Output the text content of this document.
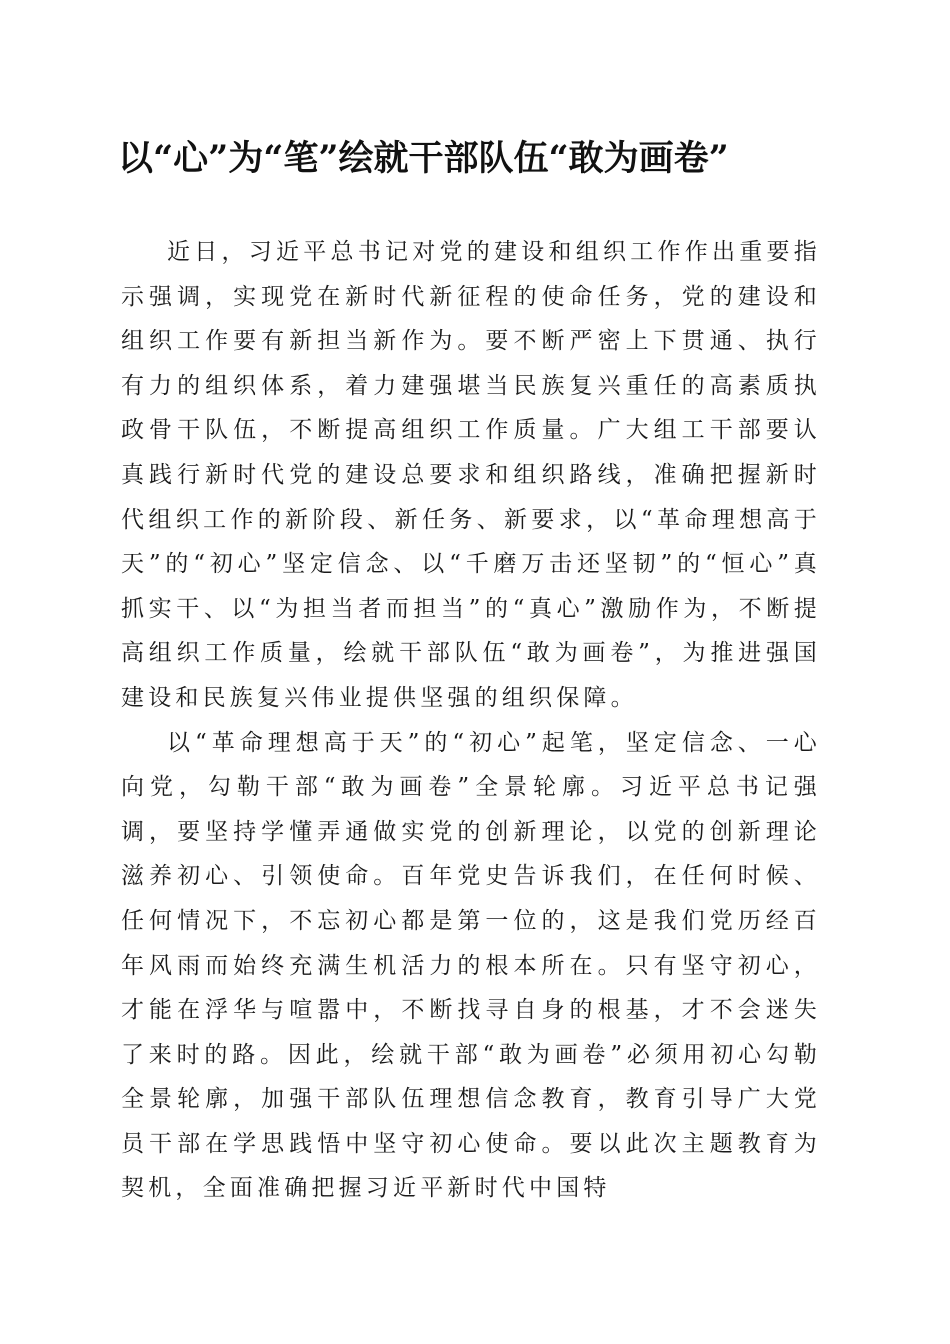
以“心”为“笔”绘就干部队伍“敢为画卷”

近日，习近平总书记对党的建设和组织工作作出重要指示强调，实现党在新时代新征程的使命任务，党的建设和组织工作要有新担当新作为。要不断严密上下贯通、执行有力的组织体系，着力建强堪当民族复兴重任的高素质执政骨干队伍，不断提高组织工作质量。广大组工干部要认真践行新时代党的建设总要求和组织路线，准确把握新时代组织工作的新阶段、新任务、新要求，以“革命理想高于天”的“初心”坚定信念、以“千磨万击还坚韧”的“恒心”真抓实干、以“为担当者而担当”的“真心”激励作为，不断提高组织工作质量，绘就干部队伍“敢为画卷”，为推进强国建设和民族复兴伟业提供坚强的组织保障。

以“革命理想高于天”的“初心”起笔，坚定信念、一心向党，勾勒干部“敢为画卷”全景轮廓。习近平总书记强调，要坚持学懂弄通做实党的创新理论，以党的创新理论滋养初心、引领使命。百年党史告诉我们，在任何时候、任何情况下，不忘初心都是第一位的，这是我们党历经百年风雨而始终充满生机活力的根本所在。只有坚守初心，才能在浮华与喧嚣中，不断找寻自身的根基，才不会迷失了来时的路。因此，绘就干部“敢为画卷”必须用初心勾勒全景轮廓，加强干部队伍理想信念教育，教育引导广大党员干部在学思践悟中坚守初心使命。要以此次主题教育为契机，全面准确把握习近平新时代中国特
